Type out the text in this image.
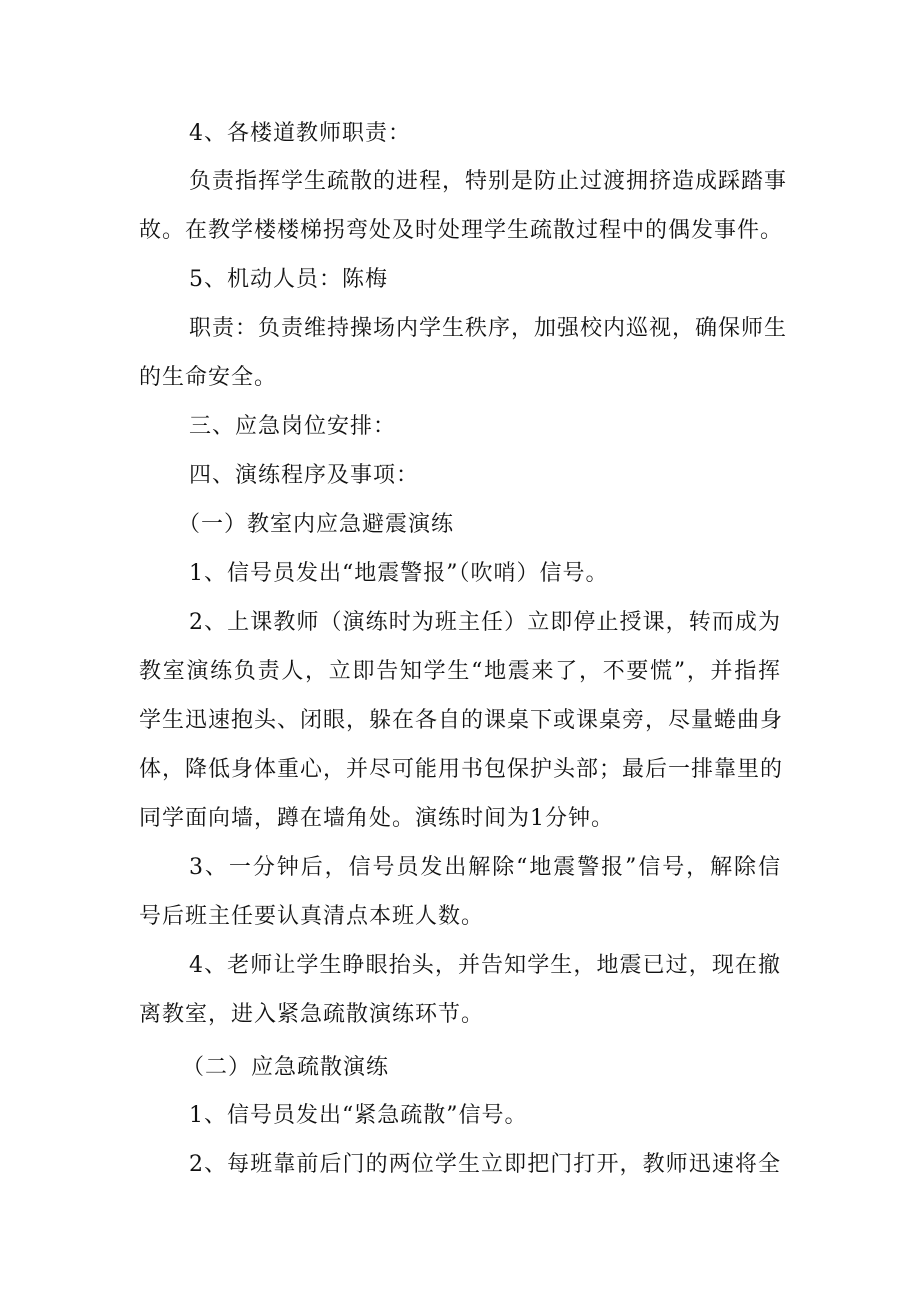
4、各楼道教师职责：
负责指挥学生疏散的进程，特别是防止过渡拥挤造成踩踏事
故。在教学楼楼梯拐弯处及时处理学生疏散过程中的偶发事件。
5、机动人员：陈梅
职责：负责维持操场内学生秩序，加强校内巡视，确保师生
的生命安全。
三、应急岗位安排：
四、演练程序及事项：
（一）教室内应急避震演练
1、信号员发出“地震警报”（吹哨）信号。
2、上课教师（演练时为班主任）立即停止授课，转而成为
教室演练负责人，立即告知学生“地震来了，不要慌”，并指挥
学生迅速抱头、闭眼，躲在各自的课桌下或课桌旁，尽量蜷曲身
体，降低身体重心，并尽可能用书包保护头部；最后一排靠里的
同学面向墙，蹲在墙角处。演练时间为1分钟。
3、一分钟后，信号员发出解除“地震警报”信号，解除信
号后班主任要认真清点本班人数。
4、老师让学生睁眼抬头，并告知学生，地震已过，现在撤
离教室，进入紧急疏散演练环节。
（二）应急疏散演练
1、信号员发出“紧急疏散”信号。
2、每班靠前后门的两位学生立即把门打开，教师迅速将全
